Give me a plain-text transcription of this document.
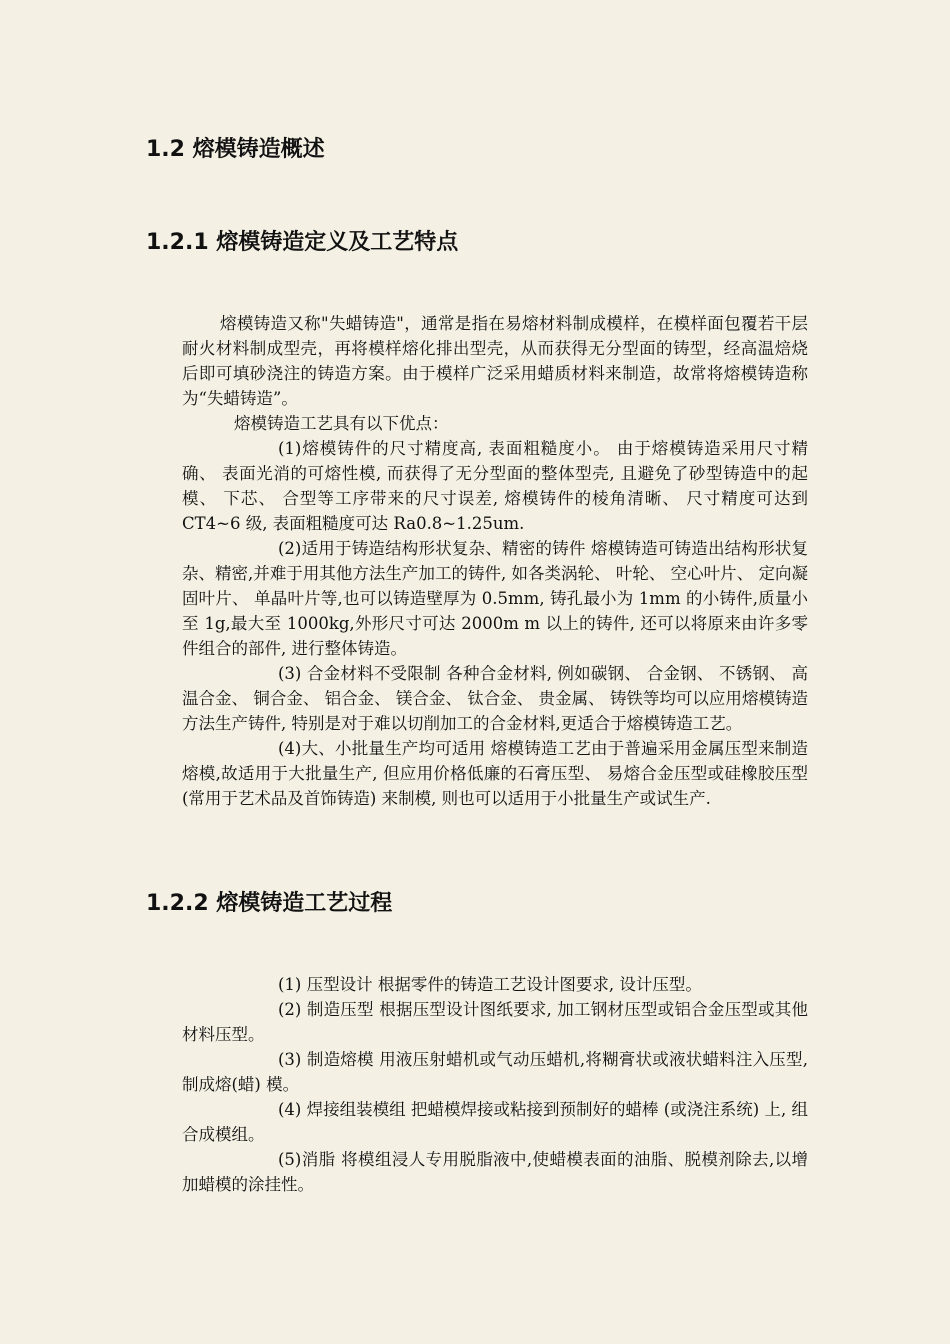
1.2 熔模铸造概述
1.2.1 熔模铸造定义及工艺特点

熔模铸造又称"失蜡铸造"，通常是指在易熔材料制成模样，在模样面包覆若干层耐火材料制成型壳，再将模样熔化排出型壳，从而获得无分型面的铸型，经高温焙烧后即可填砂浇注的铸造方案。由于模样广泛采用蜡质材料来制造，故常将熔模铸造称为“失蜡铸造”。

熔模铸造工艺具有以下优点：

(1)熔模铸件的尺寸精度高, 表面粗糙度小。 由于熔模铸造采用尺寸精确、 表面光消的可熔性模, 而获得了无分型面的整体型壳, 且避免了砂型铸造中的起模、 下芯、 合型等工序带来的尺寸误差, 熔模铸件的棱角清晰、 尺寸精度可达到 CT4~6 级, 表面粗糙度可达 Ra0.8~1.25um.

(2)适用于铸造结构形状复杂、精密的铸件 熔模铸造可铸造出结构形状复杂、精密,并难于用其他方法生产加工的铸件, 如各类涡轮、 叶轮、 空心叶片、 定向凝固叶片、 单晶叶片等,也可以铸造壁厚为 0.5mm, 铸孔最小为 1mm 的小铸件,质量小至 1g,最大至 1000kg,外形尺寸可达 2000m m 以上的铸件, 还可以将原来由许多零件组合的部件, 进行整体铸造。

(3) 合金材料不受限制 各种合金材料, 例如碳钢、 合金钢、 不锈钢、 高温合金、 铜合金、 铝合金、 镁合金、 钛合金、 贵金属、 铸铁等均可以应用熔模铸造方法生产铸件, 特别是对于难以切削加工的合金材料,更适合于熔模铸造工艺。

(4)大、小批量生产均可适用 熔模铸造工艺由于普遍采用金属压型来制造熔模,故适用于大批量生产, 但应用价格低廉的石膏压型、 易熔合金压型或硅橡胶压型 (常用于艺术品及首饰铸造) 来制模, 则也可以适用于小批量生产或试生产.

1.2.2 熔模铸造工艺过程

(1) 压型设计 根据零件的铸造工艺设计图要求, 设计压型。

(2) 制造压型 根据压型设计图纸要求, 加工钢材压型或铝合金压型或其他材料压型。

(3) 制造熔模 用液压射蜡机或气动压蜡机,将糊膏状或液状蜡料注入压型,制成熔(蜡) 模。

(4) 焊接组装模组 把蜡模焊接或粘接到预制好的蜡棒 (或浇注系统) 上, 组合成模组。

(5)消脂 将模组浸人专用脱脂液中,使蜡模表面的油脂、脱模剂除去,以增加蜡模的涂挂性。
